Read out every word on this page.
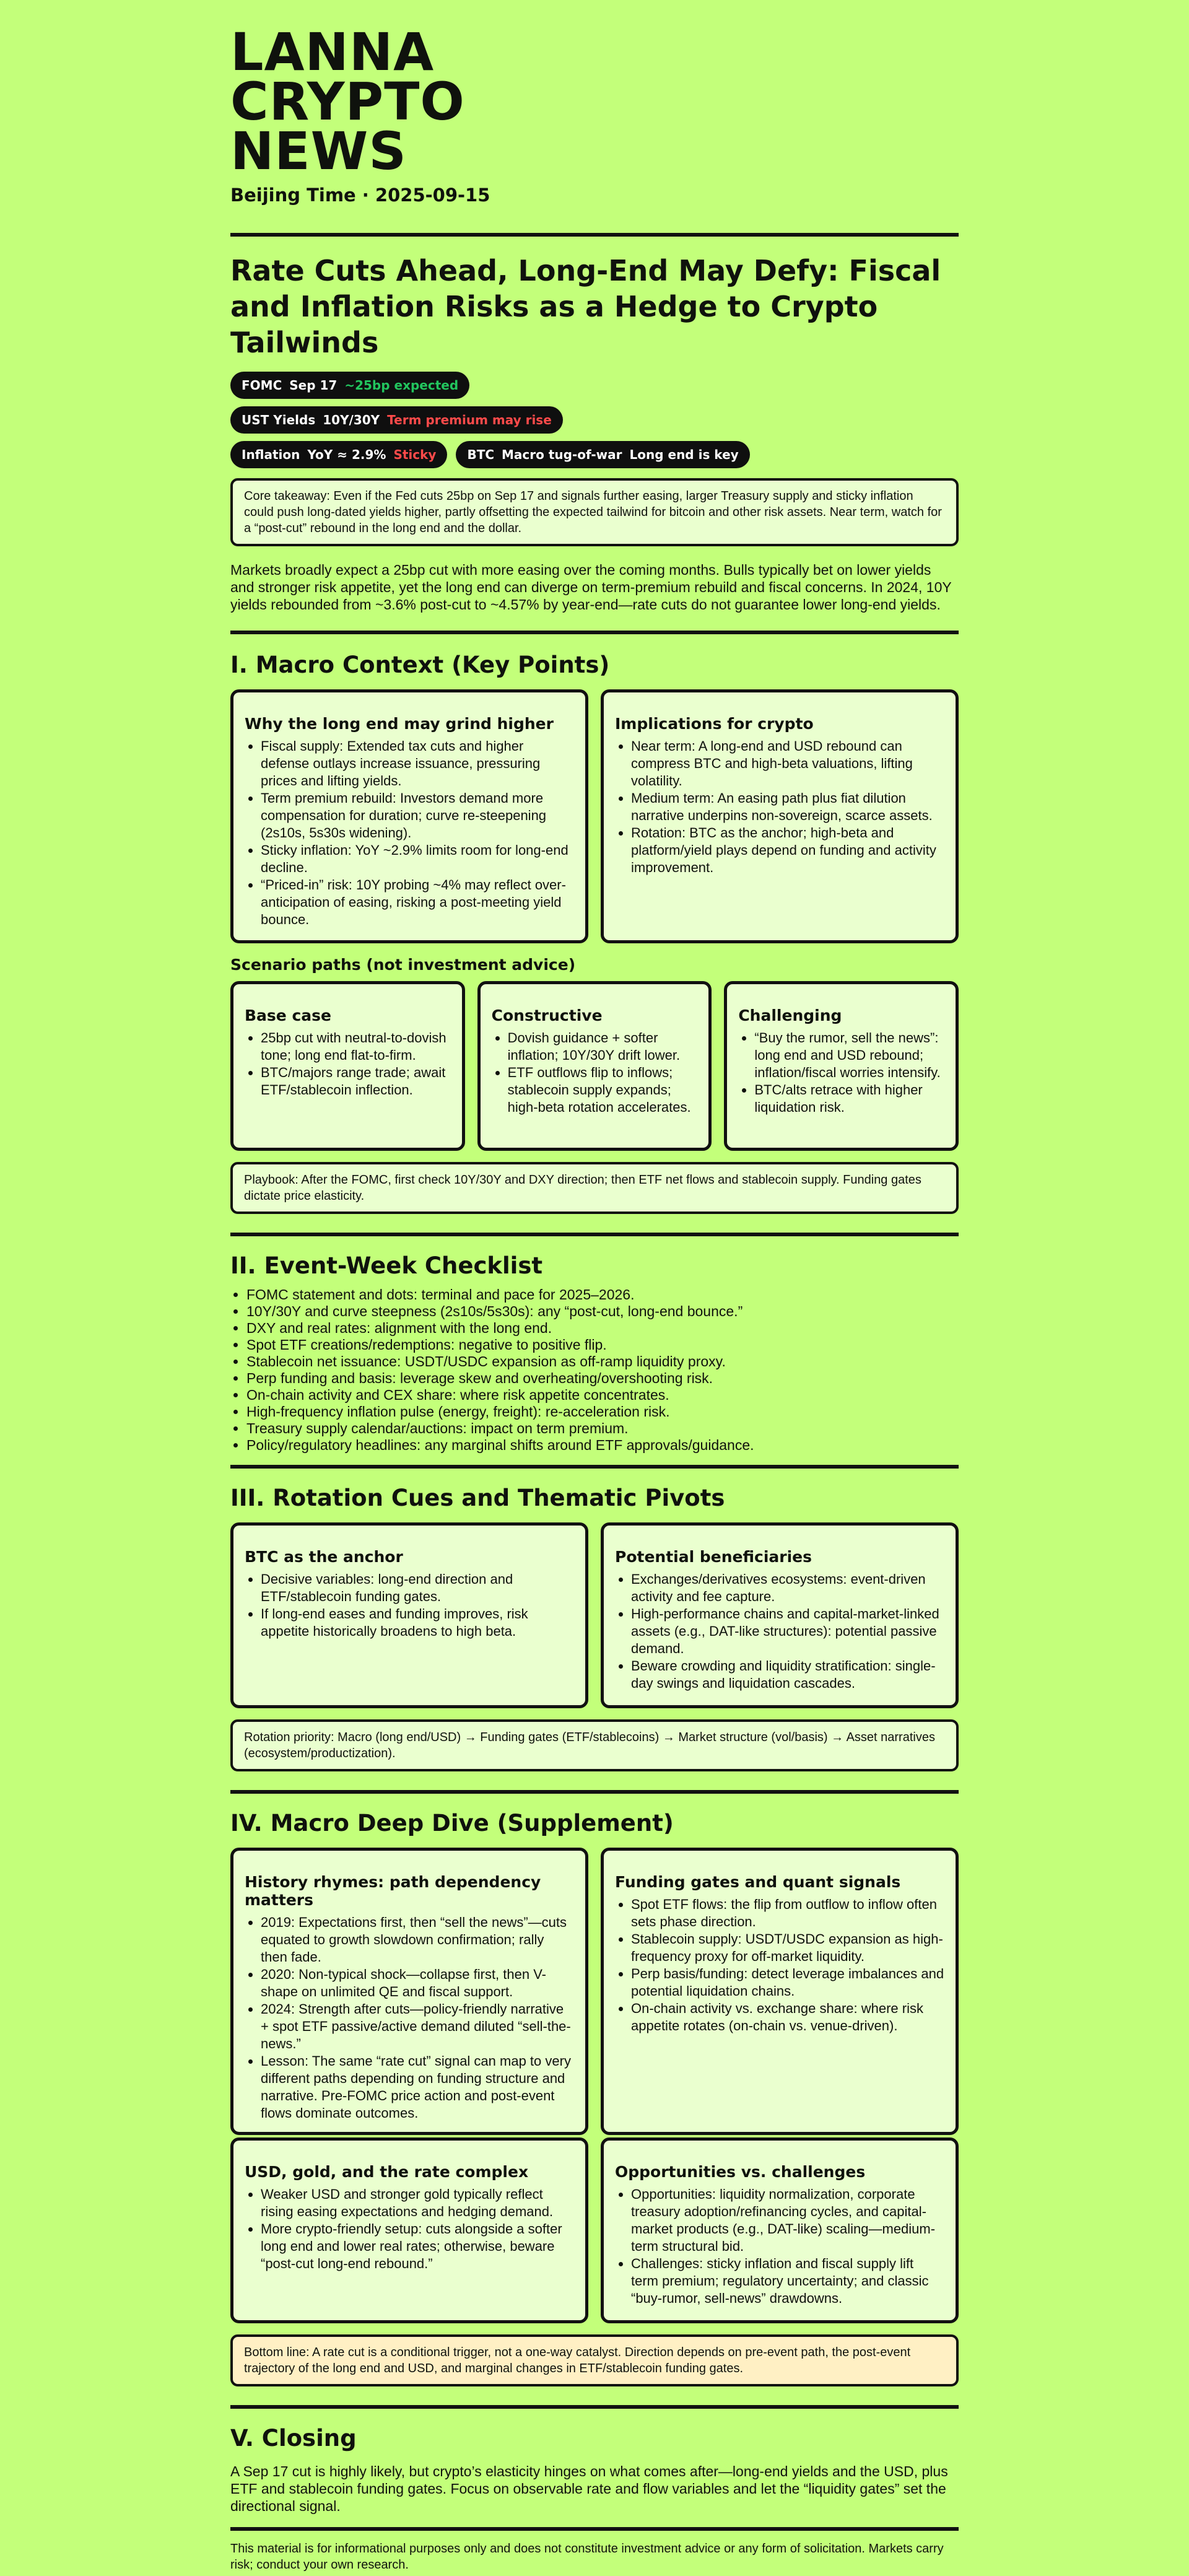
LANNA
CRYPTO
NEWS
Beijing Time · 2025-09-15
Rate Cuts Ahead, Long-End May Defy: Fiscal and Inflation Risks as a Hedge to Crypto Tailwinds
FOMC Sep 17 ~25bp expected
UST Yields 10Y/30Y Term premium may rise
Inflation YoY ≈ 2.9% Sticky	BTC Macro tug-of-war Long end is key
Core takeaway: Even if the Fed cuts 25bp on Sep 17 and signals further easing, larger Treasury supply and sticky inflation could push long-dated yields higher, partly offsetting the expected tailwind for bitcoin and other risk assets. Near term, watch for a “post-cut” rebound in the long end and the dollar.

Markets broadly expect a 25bp cut with more easing over the coming months. Bulls typically bet on lower yields and stronger risk appetite, yet the long end can diverge on term-premium rebuild and fiscal concerns. In 2024, 10Y yields rebounded from ~3.6% post-cut to ~4.57% by year-end—rate cuts do not guarantee lower long-end yields.

I. Macro Context (Key Points)
Why the long end may grind higher
• Fiscal supply: Extended tax cuts and higher defense outlays increase issuance, pressuring prices and lifting yields.
• Term premium rebuild: Investors demand more compensation for duration; curve re-steepening (2s10s, 5s30s widening).
• Sticky inflation: YoY ~2.9% limits room for long-end decline.
• “Priced-in” risk: 10Y probing ~4% may reflect over-anticipation of easing, risking a post-meeting yield bounce.
Implications for crypto
• Near term: A long-end and USD rebound can compress BTC and high-beta valuations, lifting volatility.
• Medium term: An easing path plus fiat dilution narrative underpins non-sovereign, scarce assets.
• Rotation: BTC as the anchor; high-beta and platform/yield plays depend on funding and activity improvement.
Scenario paths (not investment advice)
Base case
• 25bp cut with neutral-to-dovish tone; long end flat-to-firm.
• BTC/majors range trade; await ETF/stablecoin inflection.
Constructive
• Dovish guidance + softer inflation; 10Y/30Y drift lower.
• ETF outflows flip to inflows; stablecoin supply expands; high-beta rotation accelerates.
Challenging
• “Buy the rumor, sell the news”: long end and USD rebound; inflation/fiscal worries intensify.
• BTC/alts retrace with higher liquidation risk.
Playbook: After the FOMC, first check 10Y/30Y and DXY direction; then ETF net flows and stablecoin supply. Funding gates dictate price elasticity.
II. Event-Week Checklist
• FOMC statement and dots: terminal and pace for 2025–2026.
• 10Y/30Y and curve steepness (2s10s/5s30s): any “post-cut, long-end bounce.”
• DXY and real rates: alignment with the long end.
• Spot ETF creations/redemptions: negative to positive flip.
• Stablecoin net issuance: USDT/USDC expansion as off-ramp liquidity proxy.
• Perp funding and basis: leverage skew and overheating/overshooting risk.
• On-chain activity and CEX share: where risk appetite concentrates.
• High-frequency inflation pulse (energy, freight): re-acceleration risk.
• Treasury supply calendar/auctions: impact on term premium.
• Policy/regulatory headlines: any marginal shifts around ETF approvals/guidance.
III. Rotation Cues and Thematic Pivots
BTC as the anchor
• Decisive variables: long-end direction and ETF/stablecoin funding gates.
• If long-end eases and funding improves, risk appetite historically broadens to high beta.
Potential beneficiaries
• Exchanges/derivatives ecosystems: event-driven activity and fee capture.
• High-performance chains and capital-market-linked assets (e.g., DAT-like structures): potential passive demand.
• Beware crowding and liquidity stratification: single-day swings and liquidation cascades.
Rotation priority: Macro (long end/USD) → Funding gates (ETF/stablecoins) → Market structure (vol/basis) → Asset narratives (ecosystem/productization).
IV. Macro Deep Dive (Supplement)
History rhymes: path dependency matters
• 2019: Expectations first, then “sell the news”—cuts equated to growth slowdown confirmation; rally then fade.
• 2020: Non-typical shock—collapse first, then V-shape on unlimited QE and fiscal support.
• 2024: Strength after cuts—policy-friendly narrative + spot ETF passive/active demand diluted “sell-the-news.”
• Lesson: The same “rate cut” signal can map to very different paths depending on funding structure and narrative. Pre-FOMC price action and post-event flows dominate outcomes.
Funding gates and quant signals
• Spot ETF flows: the flip from outflow to inflow often sets phase direction.
• Stablecoin supply: USDT/USDC expansion as high-frequency proxy for off-market liquidity.
• Perp basis/funding: detect leverage imbalances and potential liquidation chains.
• On-chain activity vs. exchange share: where risk appetite rotates (on-chain vs. venue-driven).
USD, gold, and the rate complex
• Weaker USD and stronger gold typically reflect rising easing expectations and hedging demand.
• More crypto-friendly setup: cuts alongside a softer long end and lower real rates; otherwise, beware “post-cut long-end rebound.”
Opportunities vs. challenges
• Opportunities: liquidity normalization, corporate treasury adoption/refinancing cycles, and capital-market products (e.g., DAT-like) scaling—medium-term structural bid.
• Challenges: sticky inflation and fiscal supply lift term premium; regulatory uncertainty; and classic “buy-rumor, sell-news” drawdowns.
Bottom line: A rate cut is a conditional trigger, not a one-way catalyst. Direction depends on pre-event path, the post-event trajectory of the long end and USD, and marginal changes in ETF/stablecoin funding gates.
V. Closing

A Sep 17 cut is highly likely, but crypto’s elasticity hinges on what comes after—long-end yields and the USD, plus ETF and stablecoin funding gates. Focus on observable rate and flow variables and let the “liquidity gates” set the directional signal.

This material is for informational purposes only and does not constitute investment advice or any form of solicitation. Markets carry risk; conduct your own research.
